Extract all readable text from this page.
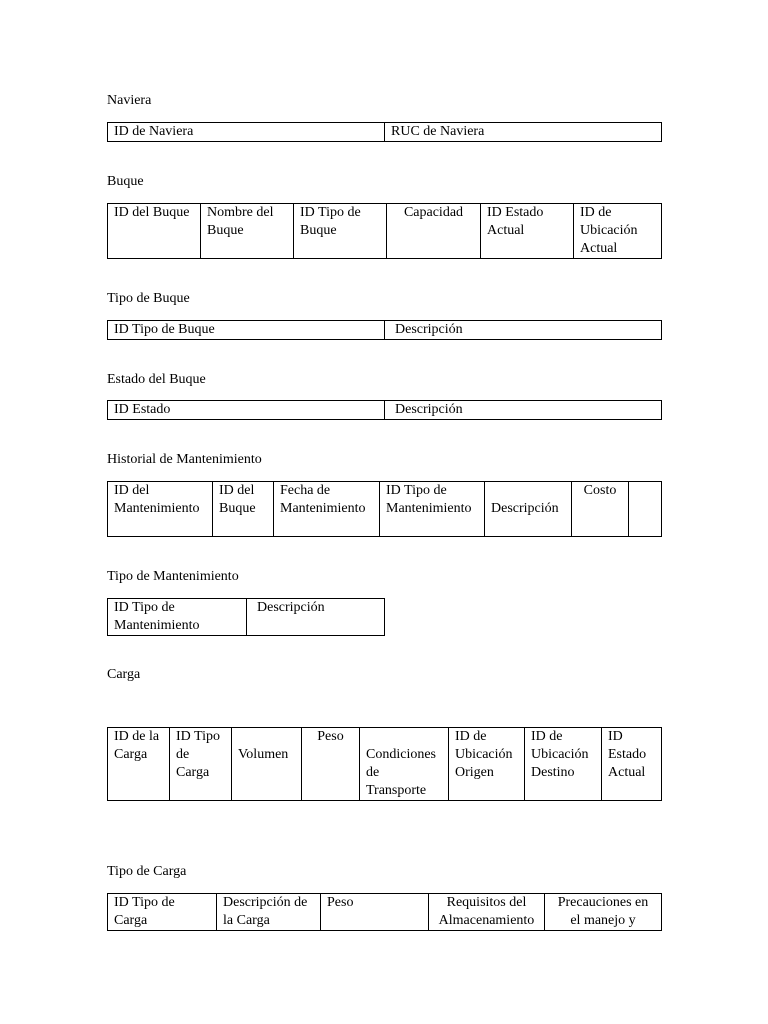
Naviera
ID de Naviera	RUC de Naviera
Buque
ID del Buque	Nombre del Buque	ID Tipo de Buque	Capacidad	ID Estado Actual	ID de Ubicación Actual
Tipo de Buque
ID Tipo de Buque	Descripción
Estado del Buque
ID Estado	Descripción
Historial de Mantenimiento
ID del Mantenimiento	ID del Buque	Fecha de Mantenimiento	ID Tipo de Mantenimiento	Descripción	Costo	
Tipo de Mantenimiento
ID Tipo de Mantenimiento	Descripción
Carga
ID de la Carga	ID Tipo de Carga	Volumen	Peso	Condiciones de Transporte	ID de Ubicación Origen	ID de Ubicación Destino	ID Estado Actual
Tipo de Carga
ID Tipo de Carga	Descripción de la Carga	Peso	Requisitos del Almacenamiento	Precauciones en el manejo y
